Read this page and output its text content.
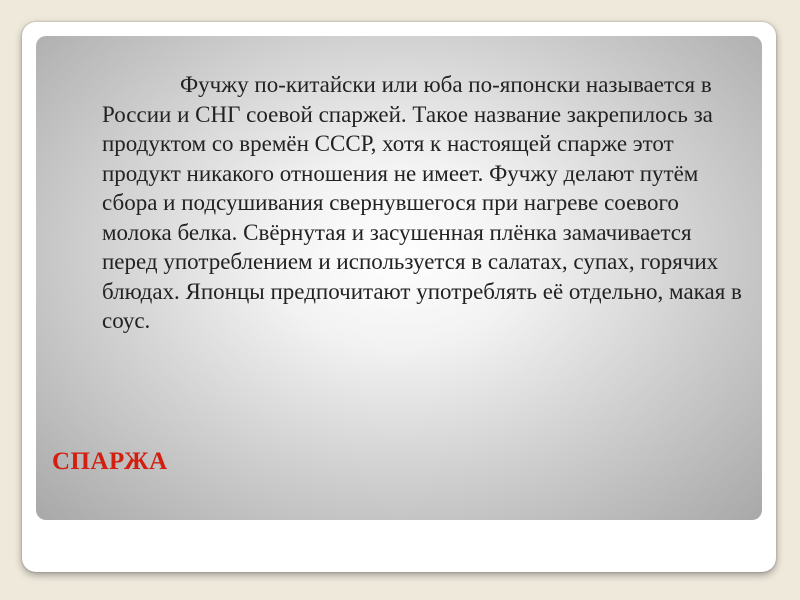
Фучжу по-китайски или юба по-японски называется в России и СНГ соевой спаржей. Такое название закрепилось за продуктом со времён СССР, хотя к настоящей спарже этот продукт никакого отношения не имеет. Фучжу делают путём сбора и подсушивания свернувшегося при нагреве соевого молока белка. Свёрнутая и засушенная плёнка замачивается перед употреблением и используется в салатах, супах, горячих блюдах. Японцы предпочитают употреблять её отдельно, макая в соус.

СПАРЖА
